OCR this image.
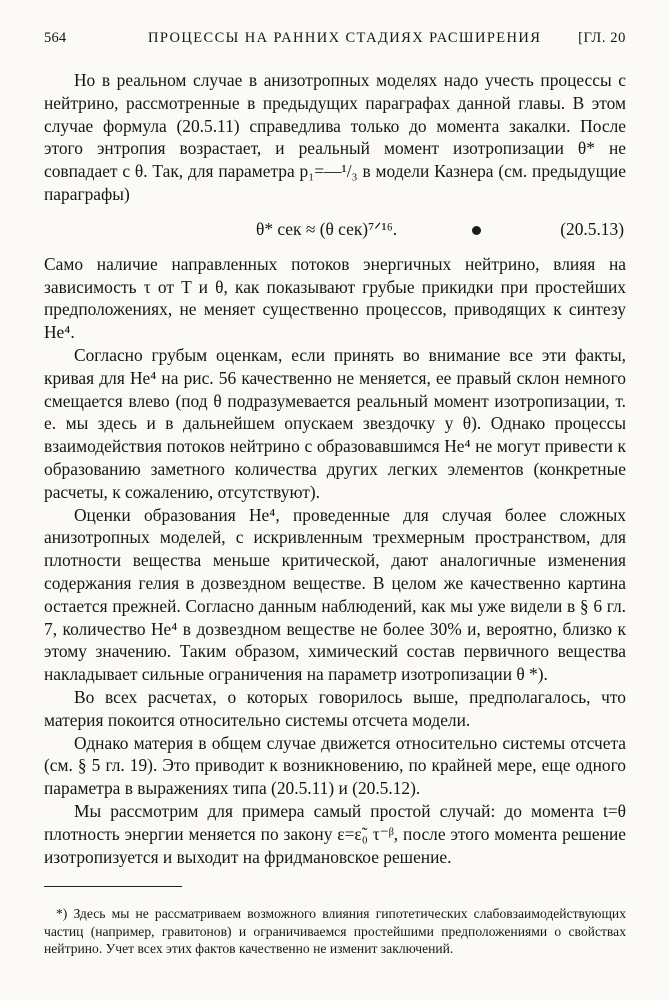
564	ПРОЦЕССЫ НА РАННИХ СТАДИЯХ РАСШИРЕНИЯ	[ГЛ. 20

Но в реальном случае в анизотропных моделях надо учесть процессы с нейтрино, рассмотренные в предыдущих параграфах данной главы. В этом случае формула (20.5.11) справедлива только до момента закалки. После этого энтропия возрастает, и реальный момент изотропизации θ* не совпадает с θ. Так, для параметра p₁=—¹/₃ в модели Казнера (см. предыдущие параграфы)

θ* сек ≈ (θ сек)⁷ᐟ¹⁶.	(20.5.13)

Само наличие направленных потоков энергичных нейтрино, влияя на зависимость τ от T и θ, как показывают грубые прикидки при простейших предположениях, не меняет существенно процессов, приводящих к синтезу He⁴.

Согласно грубым оценкам, если принять во внимание все эти факты, кривая для He⁴ на рис. 56 качественно не меняется, ее правый склон немного смещается влево (под θ подразумевается реальный момент изотропизации, т. е. мы здесь и в дальнейшем опускаем звездочку у θ). Однако процессы взаимодействия потоков нейтрино с образовавшимся He⁴ не могут привести к образованию заметного количества других легких элементов (конкретные расчеты, к сожалению, отсутствуют).

Оценки образования He⁴, проведенные для случая более сложных анизотропных моделей, с искривленным трехмерным пространством, для плотности вещества меньше критической, дают аналогичные изменения содержания гелия в дозвездном веществе. В целом же качественно картина остается прежней. Согласно данным наблюдений, как мы уже видели в § 6 гл. 7, количество He⁴ в дозвездном веществе не более 30% и, вероятно, близко к этому значению. Таким образом, химический состав первичного вещества накладывает сильные ограничения на параметр изотропизации θ *).

Во всех расчетах, о которых говорилось выше, предполагалось, что материя покоится относительно системы отсчета модели.

Однако материя в общем случае движется относительно системы отсчета (см. § 5 гл. 19). Это приводит к возникновению, по крайней мере, еще одного параметра в выражениях типа (20.5.11) и (20.5.12).

Мы рассмотрим для примера самый простой случай: до момента t=θ плотность энергии меняется по закону ε=ε̃₀ τ⁻ᵝ, после этого момента решение изотропизуется и выходит на фридмановское решение.

*) Здесь мы не рассматриваем возможного влияния гипотетических слабовзаимодействующих частиц (например, гравитонов) и ограничиваемся простейшими предположениями о свойствах нейтрино. Учет всех этих фактов качественно не изменит заключений.
